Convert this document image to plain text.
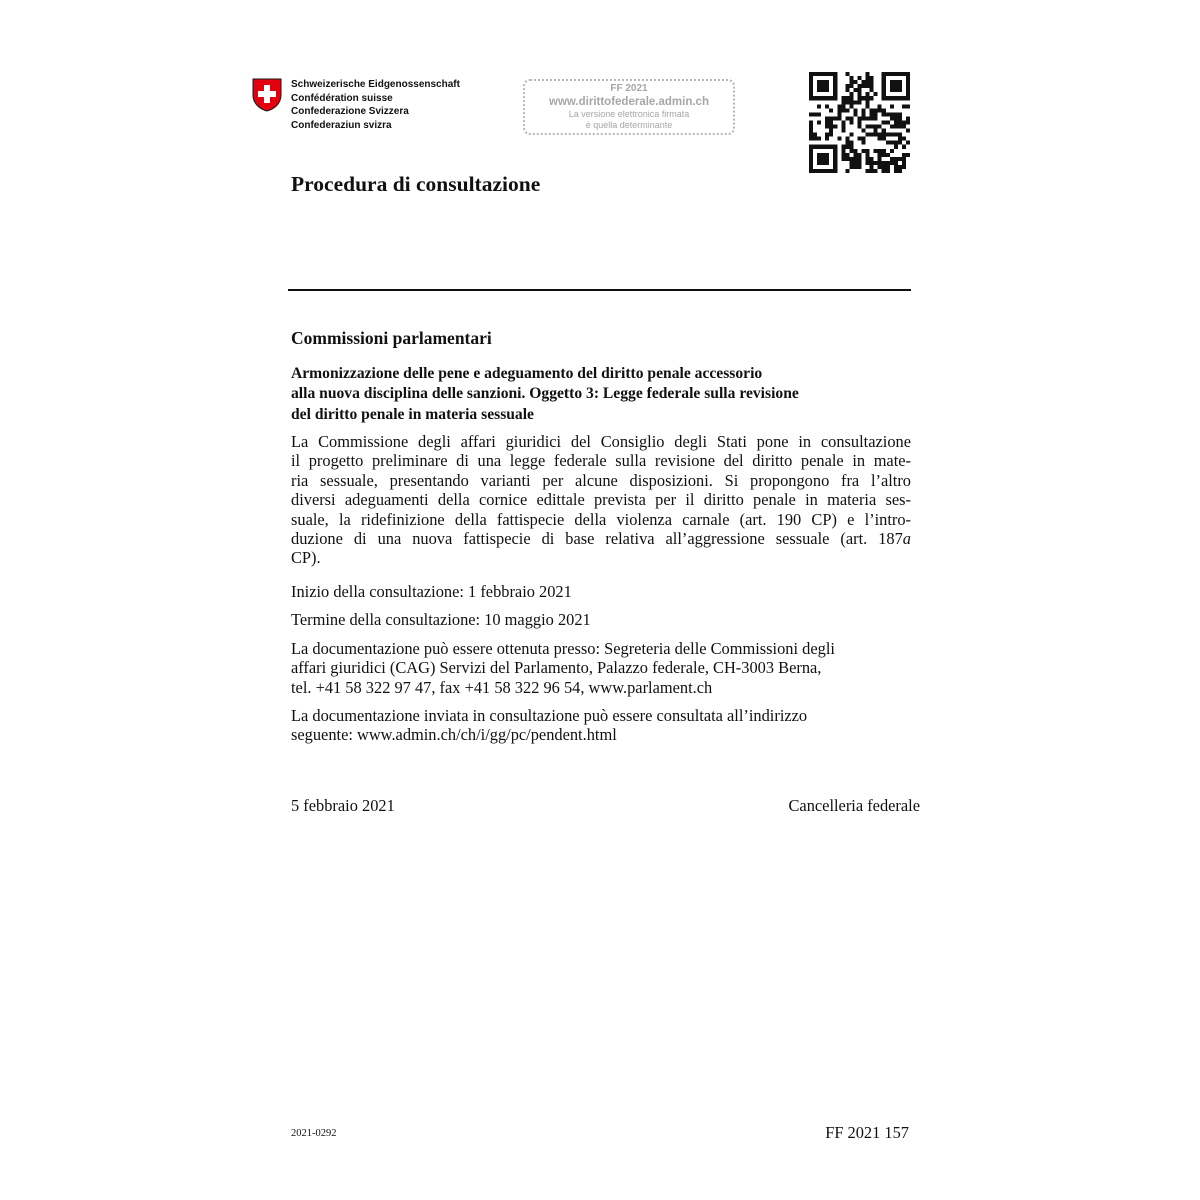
Schweizerische Eidgenossenschaft
Confédération suisse
Confederazione Svizzera
Confederaziun svizra
FF 2021
www.dirittofederale.admin.ch
La versione elettronica firmata
è quella determinante
Procedura di consultazione
Commissioni parlamentari
Armonizzazione delle pene e adeguamento del diritto penale accessorio
alla nuova disciplina delle sanzioni. Oggetto 3: Legge federale sulla revisione
del diritto penale in materia sessuale
La Commissione degli affari giuridici del Consiglio degli Stati pone in consultazione
il progetto preliminare di una legge federale sulla revisione del diritto penale in mate-
ria sessuale, presentando varianti per alcune disposizioni. Si propongono fra l’altro
diversi adeguamenti della cornice edittale prevista per il diritto penale in materia ses-
suale, la ridefinizione della fattispecie della violenza carnale (art. 190 CP) e l’intro-
duzione di una nuova fattispecie di base relativa all’aggressione sessuale (art. 187a
CP).
Inizio della consultazione: 1 febbraio 2021
Termine della consultazione: 10 maggio 2021
La documentazione può essere ottenuta presso: Segreteria delle Commissioni degli
affari giuridici (CAG) Servizi del Parlamento, Palazzo federale, CH-3003 Berna,
tel. +41 58 322 97 47, fax +41 58 322 96 54, www.parlament.ch
La documentazione inviata in consultazione può essere consultata all’indirizzo
seguente: www.admin.ch/ch/i/gg/pc/pendent.html
5 febbraio 2021	Cancelleria federale
2021-0292	FF 2021 157
